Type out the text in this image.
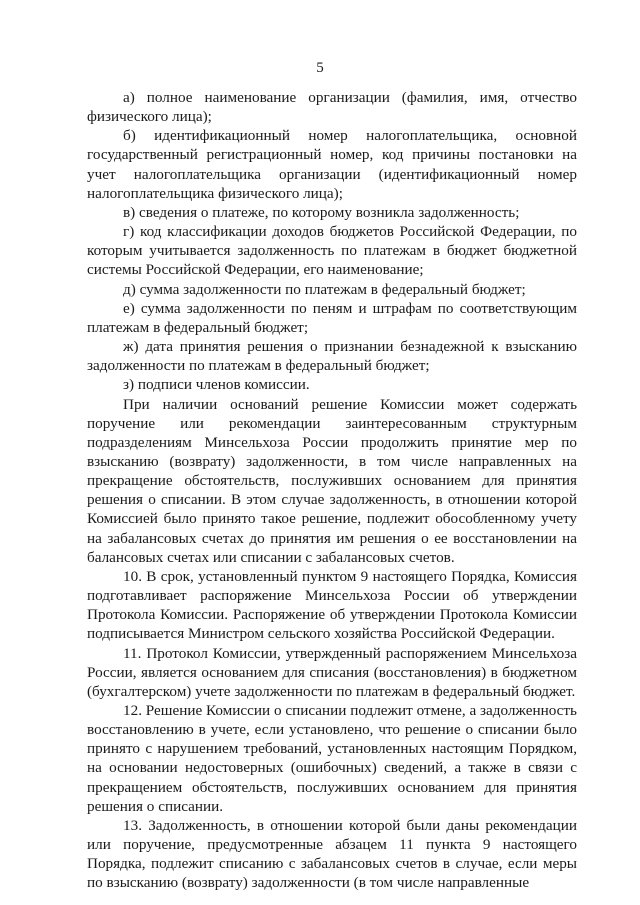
5

а) полное наименование организации (фамилия, имя, отчество физического лица);

б) идентификационный номер налогоплательщика, основной государственный регистрационный номер, код причины постановки на учет налогоплательщика организации (идентификационный номер налогоплательщика физического лица);

в) сведения о платеже, по которому возникла задолженность;

г) код классификации доходов бюджетов Российской Федерации, по которым учитывается задолженность по платежам в бюджет бюджетной системы Российской Федерации, его наименование;

д) сумма задолженности по платежам в федеральный бюджет;

е) сумма задолженности по пеням и штрафам по соответствующим платежам в федеральный бюджет;

ж) дата принятия решения о признании безнадежной к взысканию задолженности по платежам в федеральный бюджет;

з) подписи членов комиссии.

При наличии оснований решение Комиссии может содержать поручение или рекомендации заинтересованным структурным подразделениям Минсельхоза России продолжить принятие мер по взысканию (возврату) задолженности, в том числе направленных на прекращение обстоятельств, послуживших основанием для принятия решения о списании. В этом случае задолженность, в отношении которой Комиссией было принято такое решение, подлежит обособленному учету на забалансовых счетах до принятия им решения о ее восстановлении на балансовых счетах или списании с забалансовых счетов.

10. В срок, установленный пунктом 9 настоящего Порядка, Комиссия подготавливает распоряжение Минсельхоза России об утверждении Протокола Комиссии. Распоряжение об утверждении Протокола Комиссии подписывается Министром сельского хозяйства Российской Федерации.

11. Протокол Комиссии, утвержденный распоряжением Минсельхоза России, является основанием для списания (восстановления) в бюджетном (бухгалтерском) учете задолженности по платежам в федеральный бюджет.

12. Решение Комиссии о списании подлежит отмене, а задолженность восстановлению в учете, если установлено, что решение о списании было принято с нарушением требований, установленных настоящим Порядком, на основании недостоверных (ошибочных) сведений, а также в связи с прекращением обстоятельств, послуживших основанием для принятия решения о списании.

13. Задолженность, в отношении которой были даны рекомендации или поручение, предусмотренные абзацем 11 пункта 9 настоящего Порядка, подлежит списанию с забалансовых счетов в случае, если меры по взысканию (возврату) задолженности (в том числе направленные
